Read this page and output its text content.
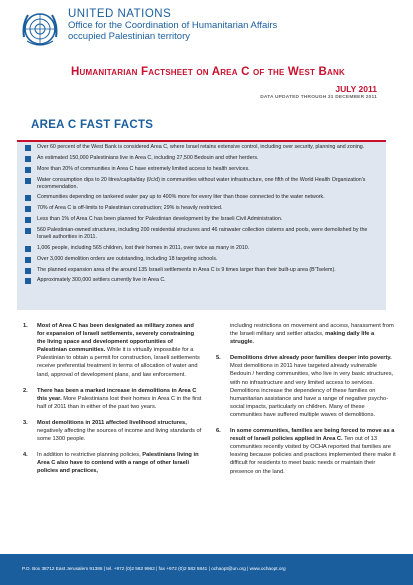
UNITED NATIONS
Office for the Coordination of Humanitarian Affairs
occupied Palestinian territory
Humanitarian Factsheet on Area C of the West Bank
JULY 2011
DATA UPDATED THROUGH 31 DECEMBER 2011
AREA C FAST FACTS
Over 60 percent of the West Bank is considered Area C, where Israel retains extensive control, including over security, planning and zoning.
An estimated 150,000 Palestinians live in Area C, including 27,500 Bedouin and other herders.
More than 20% of communities in Area C have extremely limited access to health services.
Water consumption dips to 20 litres/capita/day (l/c/d) in communities without water infrastructure, one fifth of the World Health Organization's recommendation.
Communities depending on tankered water pay up to 400% more for every liter than those connected to the water network.
70% of Area C is off-limits to Palestinian construction; 29% is heavily restricted.
Less than 1% of Area C has been planned for Palestinian development by the Israeli Civil Administration.
560 Palestinian-owned structures, including 200 residential structures and 46 rainwater collection cisterns and pools, were demolished by the Israeli authorities in 2011.
1,006 people, including 565 children, lost their homes in 2011, over twice as many in 2010.
Over 3,000 demolition orders are outstanding, including 18 targeting schools.
The planned expansion area of the around 135 Israeli settlements in Area C is 9 times larger than their built-up area (B'Tselem).
Approximately 300,000 settlers currently live in Area C.
1. Most of Area C has been designated as military zones and for expansion of Israeli settlements, severely constraining the living space and development opportunities of Palestinian communities. While it is virtually impossible for a Palestinian to obtain a permit for construction, Israeli settlements receive preferential treatment in terms of allocation of water and land, approval of development plans, and law enforcement.
2. There has been a marked increase in demolitions in Area C this year. More Palestinians lost their homes in Area C in the first half of 2011 than in either of the past two years.
3. Most demolitions in 2011 affected livelihood structures, negatively affecting the sources of income and living standards of some 1300 people.
4. In addition to restrictive planning policies, Palestinians living in Area C also have to contend with a range of other Israeli policies and practices,
including restrictions on movement and access, harassment from the Israeli military and settler attacks, making daily life a struggle.
5. Demolitions drive already poor families deeper into poverty. Most demolitions in 2011 have targeted already vulnerable Bedouin / herding communities, who live in very basic structures, with no infrastructure and very limited access to services. Demolitions increase the dependency of these families on humanitarian assistance and have a range of negative psycho-social impacts, particularly on children. Many of these communities have suffered multiple waves of demolitions.
6. In some communities, families are being forced to move as a result of Israeli policies applied in Area C. Ten out of 13 communities recently visited by OCHA reported that families are leaving because policies and practices implemented there make it difficult for residents to meet basic needs or maintain their presence on the land.
P.O. Box 38712 East Jerusalem 91386 | tel. +972 (0)2 582 9962 | fax +972 (0)2 582 5841 | ochaopt@un.org | www.ochaopt.org
